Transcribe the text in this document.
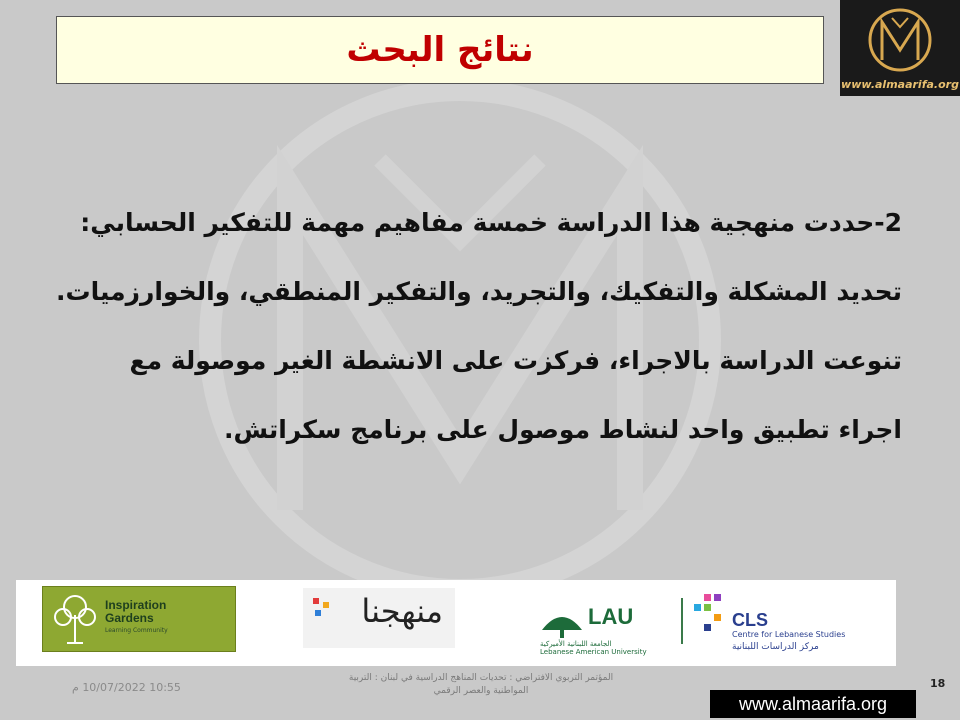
نتائج البحث
www.almaarifa.org

2-حددت منهجية هذا الدراسة خمسة مفاهيم مهمة للتفكير الحسابي:

تحديد المشكلة والتفكيك، والتجريد، والتفكير المنطقي، والخوارزميات.

تنوعت الدراسة بالاجراء، فركزت على الانشطة الغير موصولة مع

اجراء تطبيق واحد لنشاط موصول على برنامج سكراتش.

Inspiration
Gardens
Learning Community
منهجنا	LAU
الجامعة اللبنانية الأميركية
Lebanese American University
CLS
Centre for Lebanese Studies
مركز الدراسات اللبنانية
10:55 10/07/2022 م
المؤتمر التربوي الافتراضي : تحديات المناهج الدراسية في لبنان : التربية المواطنية والعصر الرقمي
18
www.almaarifa.org
